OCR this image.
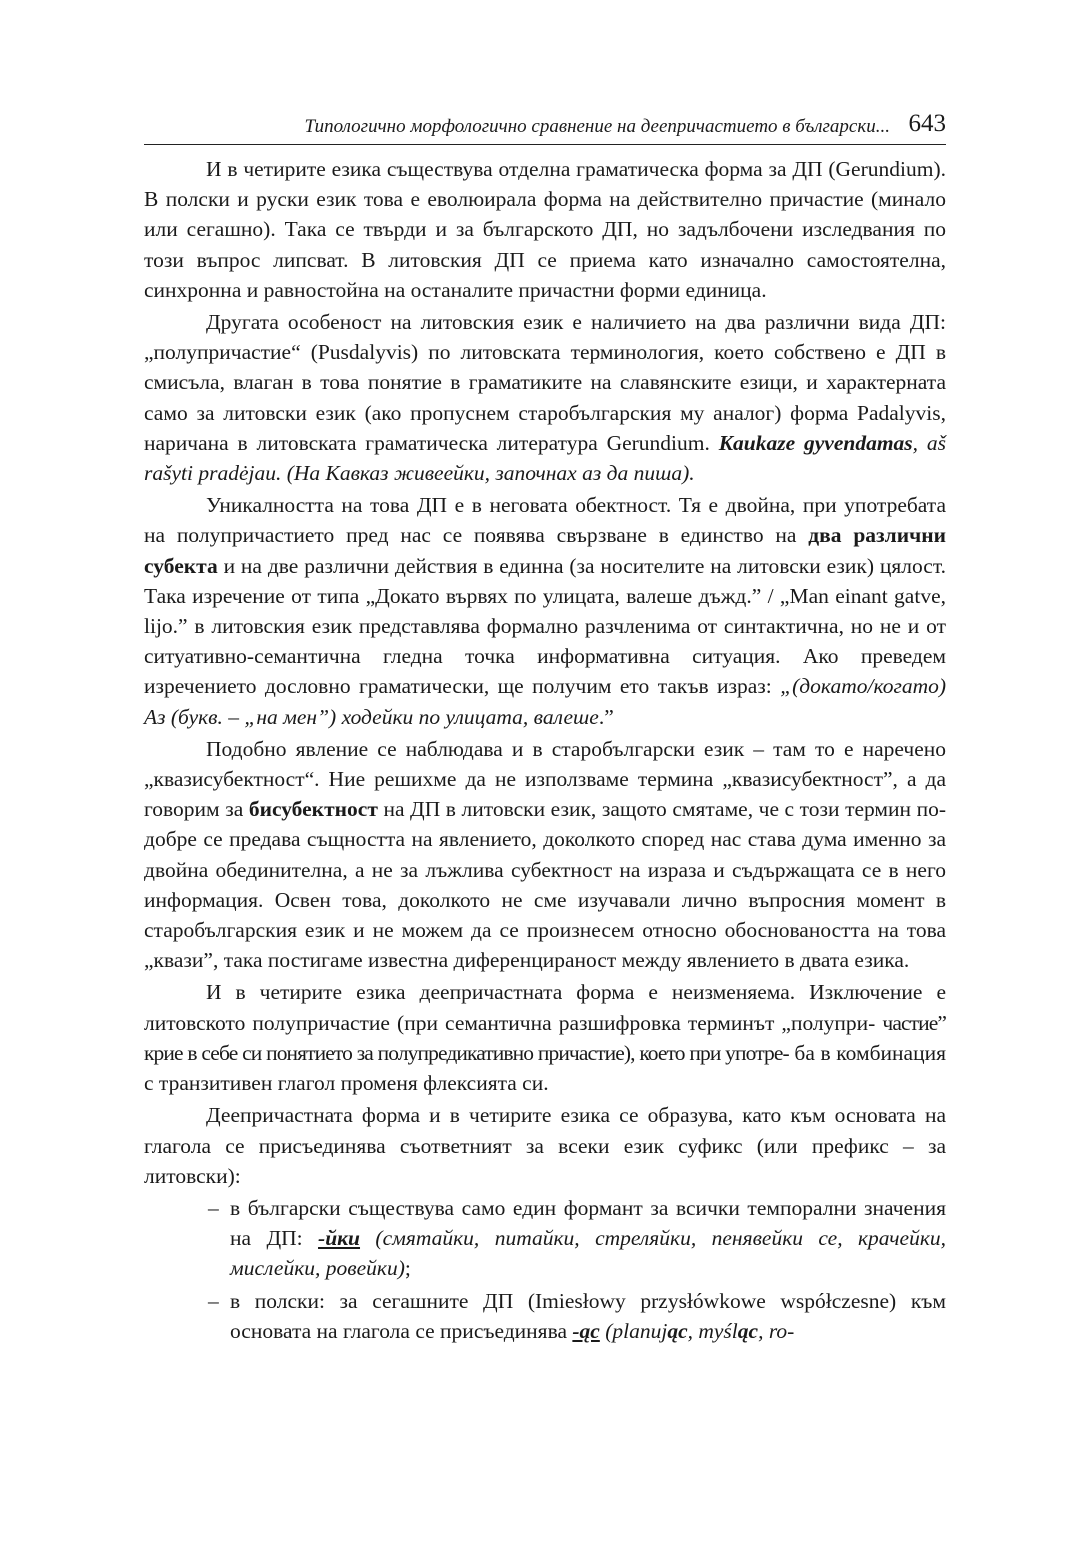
Типологично морфологично сравнение на деепричастието в български... 643

И в четирите езика съществува отделна граматическа форма за ДП (Gerundium). В полски и руски език това е еволюирала форма на действително причастие (минало или сегашно). Така се твърди и за българското ДП, но задълбочени изследвания по този въпрос липсват. В литовския ДП се приема като изначално самостоятелна, синхронна и равностойна на останалите причастни форми единица.

Другата особеност на литовския език е наличието на два различни вида ДП: „полупричастие“ (Pusdalyvis) по литовската терминология, което собствено е ДП в смисъла, влаган в това понятие в граматиките на славянските езици, и характерната само за литовски език (ако пропуснем старобългарския му аналог) форма Padalyvis, наричана в литовската граматическа литература Gerundium. Kaukaze gyvendamas, aš rašyti pradėjau. (На Кавказ живеейки, започнах аз да пиша).

Уникалността на това ДП е в неговата обектност. Тя е двойна, при употребата на полупричастието пред нас се появява свързване в единство на два различни субекта и на две различни действия в единна (за носителите на литовски език) цялост. Така изречение от типа „Докато вървях по улицата, валеше дъжд.” / „Man einant gatve, lijo.” в литовския език представлява формално разчленима от синтактична, но не и от ситуативно-семантична гледна точка информативна ситуация. Ако преведем изречението дословно граматически, ще получим ето такъв израз: „(докато/когато) Аз (букв. – „на мен”) ходейки по улицата, валеше.”

Подобно явление се наблюдава и в старобългарски език – там то е наречено „квазисубектност“. Ние решихме да не използваме термина „квазисубектност”, а да говорим за бисубектност на ДП в литовски език, защото смятаме, че с този термин по-добре се предава същността на явлението, доколкото според нас става дума именно за двойна обединителна, а не за лъжлива субектност на израза и съдържащата се в него информация. Освен това, доколкото не сме изучавали лично въпросния момент в старобългарския език и не можем да се произнесем относно обосноваността на това „квази”, така постигаме известна диференцираност между явлението в двата езика.

И в четирите езика деепричастната форма е неизменяема. Изключение е литовското полупричастие (при семантична разшифровка терминът „полупри- частие” крие в себе си понятието за полупредикативно причастие), което при употре- ба в комбинация с транзитивен глагол променя флексията си.

Деепричастната форма и в четирите езика се образува, като към основата на глагола се присъединява съответният за всеки език суфикс (или префикс – за литовски):

– в български съществува само един формант за всички темпорални значения на ДП: -йки (смятайки, питайки, стреляйки, пенявейки се, крачейки, мислейки, ровейки);
– в полски: за сегашните ДП (Imiesłowy przysłówkowe współczesne) към основата на глагола се присъединява -ąc (planując, myśląc, ro-
